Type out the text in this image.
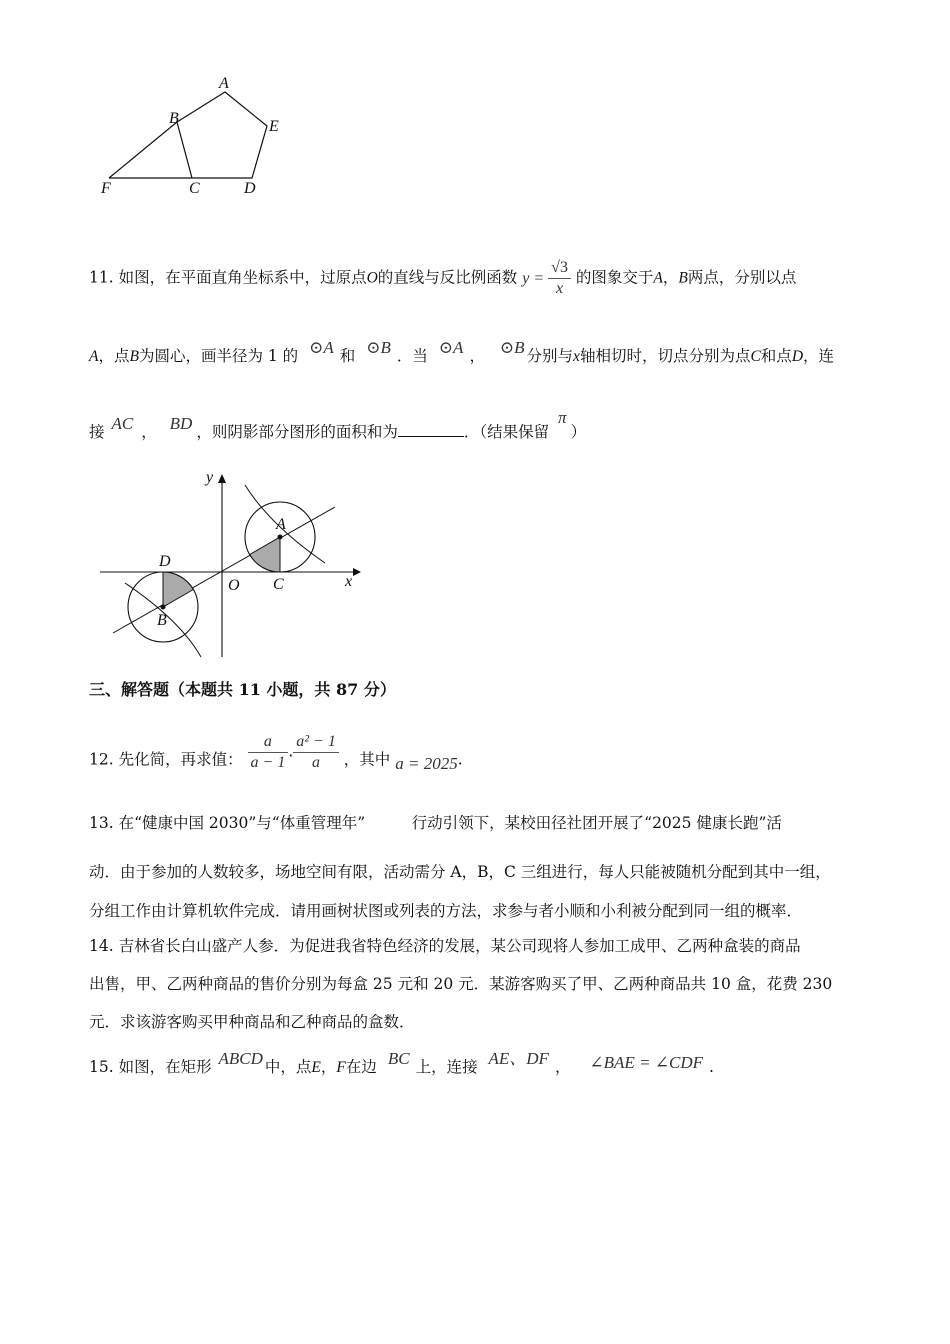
A
B	E
F	C	D
11. 如图，在平面直角坐标系中，过原点O的直线与反比例函数 $y = \frac{√3}{x}$ 的图象交于A，B两点，分别以点
A，点B为圆心，画半径为 1 的 ⊙A 和 ⊙B ．当 ⊙A ， ⊙B 分别与x轴相切时，切点分别为点C和点D，连
接 AC ， BD ，则阴影部分图形的面积和为	．（结果保留 π）
y
x
O
A
C
D
B
三、解答题（本题共 11 小题，共 87 分）
12. 先化简，再求值： $\frac{a}{a - 1} \cdot \frac{\text{a² − 1}}{a}$ ，其中 a = 2025.
13. 在“健康中国 2030”与“体重管理年”　　　行动引领下，某校田径社团开展了“2025 健康长跑”活
动．由于参加的人数较多，场地空间有限，活动需分 A，B，C 三组进行，每人只能被随机分配到其中一组，
分组工作由计算机软件完成．请用画树状图或列表的方法，求参与者小顺和小利被分配到同一组的概率．
14. 吉林省长白山盛产人参．为促进我省特色经济的发展，某公司现将人参加工成甲、乙两种盒装的商品
出售，甲、乙两种商品的售价分别为每盒 25 元和 20 元．某游客购买了甲、乙两种商品共 10 盒，花费 230
元．求该游客购买甲种商品和乙种商品的盒数．
15. 如图，在矩形 ABCD 中，点E，F在边 BC 上，连接 AE、DF ， ∠BAE = ∠CDF .
